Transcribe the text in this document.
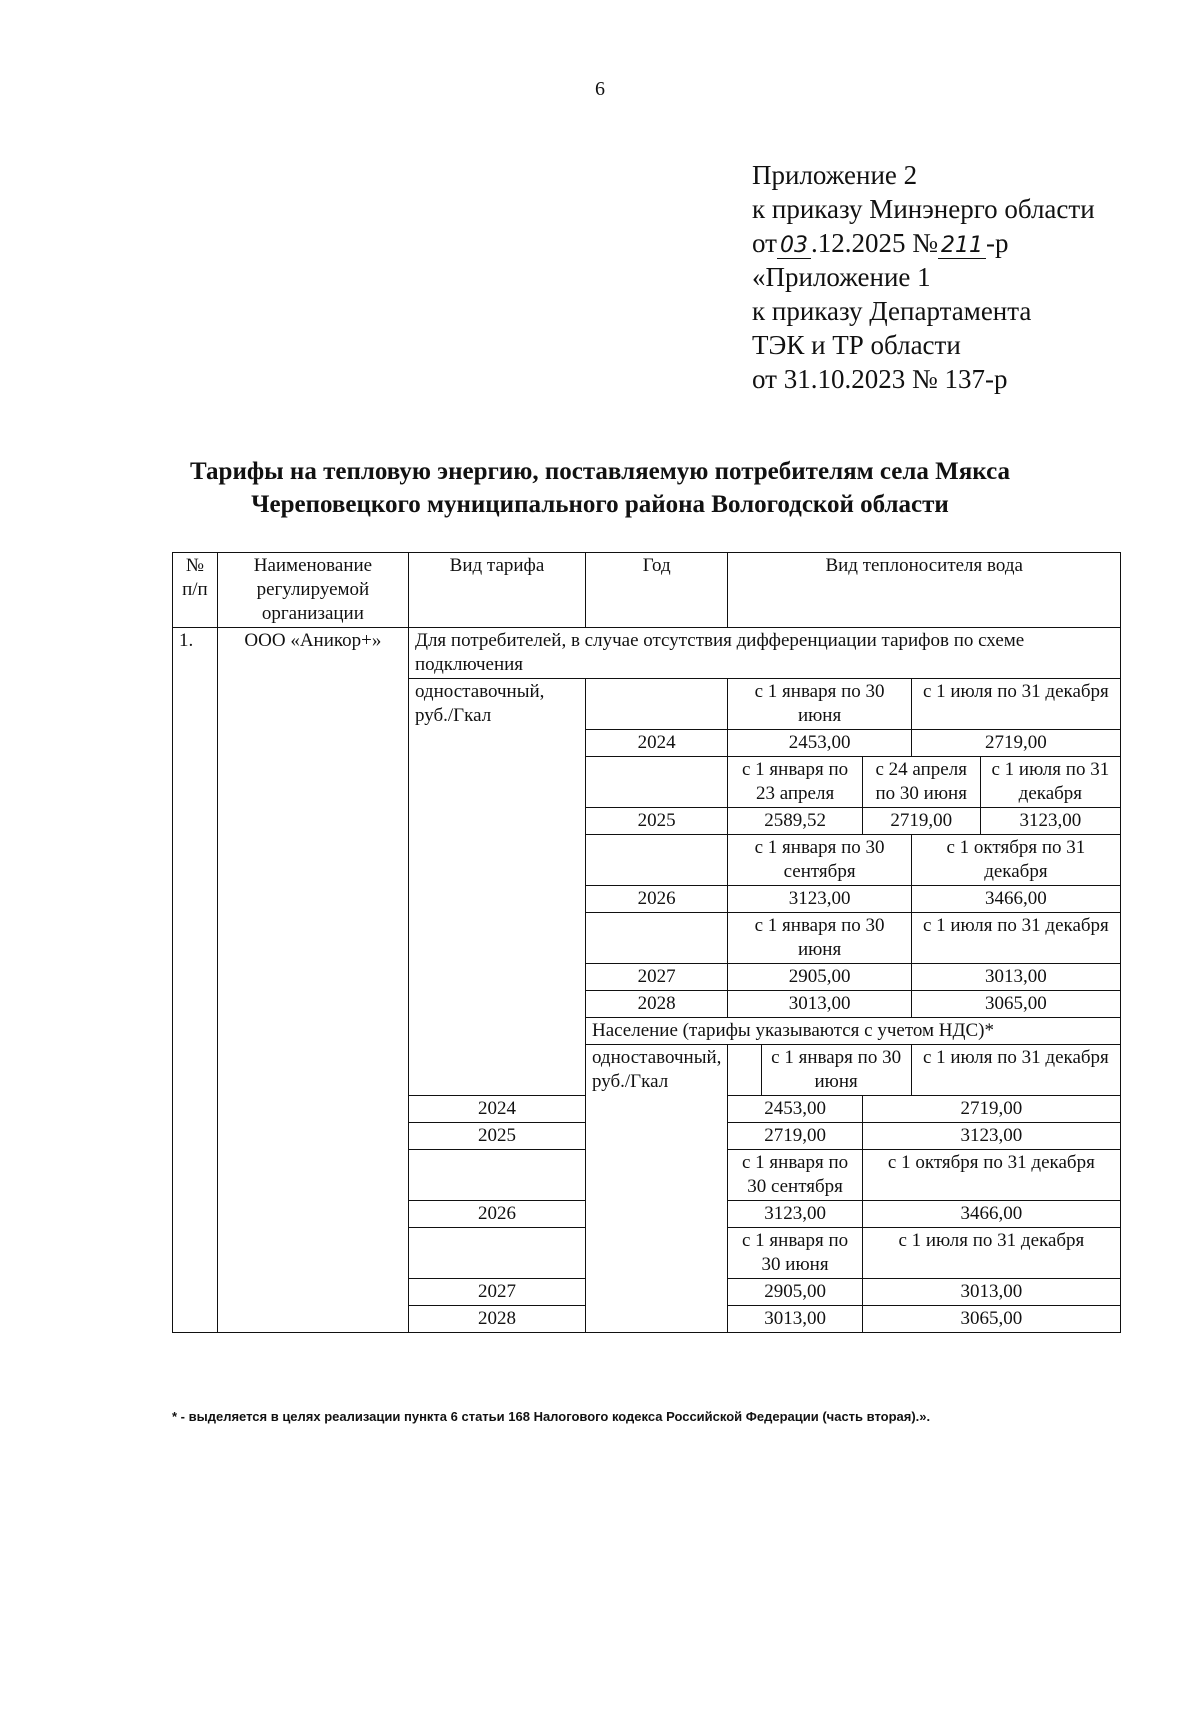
6
Приложение 2
к приказу Минэнерго области
от 03 .12.2025 № 211 -р
«Приложение 1
к приказу Департамента
ТЭК и ТР области
от 31.10.2023 № 137-р
Тарифы на тепловую энергию, поставляемую потребителям села Мякса
Череповецкого муниципального района Вологодской области
№ п/п	Наименование регулируемой организации	Вид тарифа	Год	Вид теплоносителя вода				
1.	ООО «Аникор+»	Для потребителей, в случае отсутствия дифференциации тарифов по схеме подключения						
		одноставочный, руб./Гкал		с 1 января по 30 июня			с 1 июля по 31 декабря	
			2024	2453,00			2719,00	
				с 1 января по 23 апреля		с 24 апреля по 30 июня		с 1 июля по 31 декабря
			2025	2589,52		2719,00		3123,00
				с 1 января по 30 сентября			с 1 октября по 31 декабря	
			2026	3123,00			3466,00	
				с 1 января по 30 июня			с 1 июля по 31 декабря	
			2027	2905,00			3013,00	
			2028	3013,00			3065,00	
			Население (тарифы указываются с учетом НДС)*					
			одноставочный, руб./Гкал		с 1 января по 30 июня		с 1 июля по 31 декабря	
		2024		2453,00		2719,00		
		2025		2719,00		3123,00		
				с 1 января по 30 сентября		с 1 октября по 31 декабря		
		2026		3123,00		3466,00		
				с 1 января по 30 июня		с 1 июля по 31 декабря		
		2027		2905,00		3013,00		
		2028		3013,00		3065,00		
* - выделяется в целях реализации пункта 6 статьи 168 Налогового кодекса Российской Федерации (часть вторая).».
